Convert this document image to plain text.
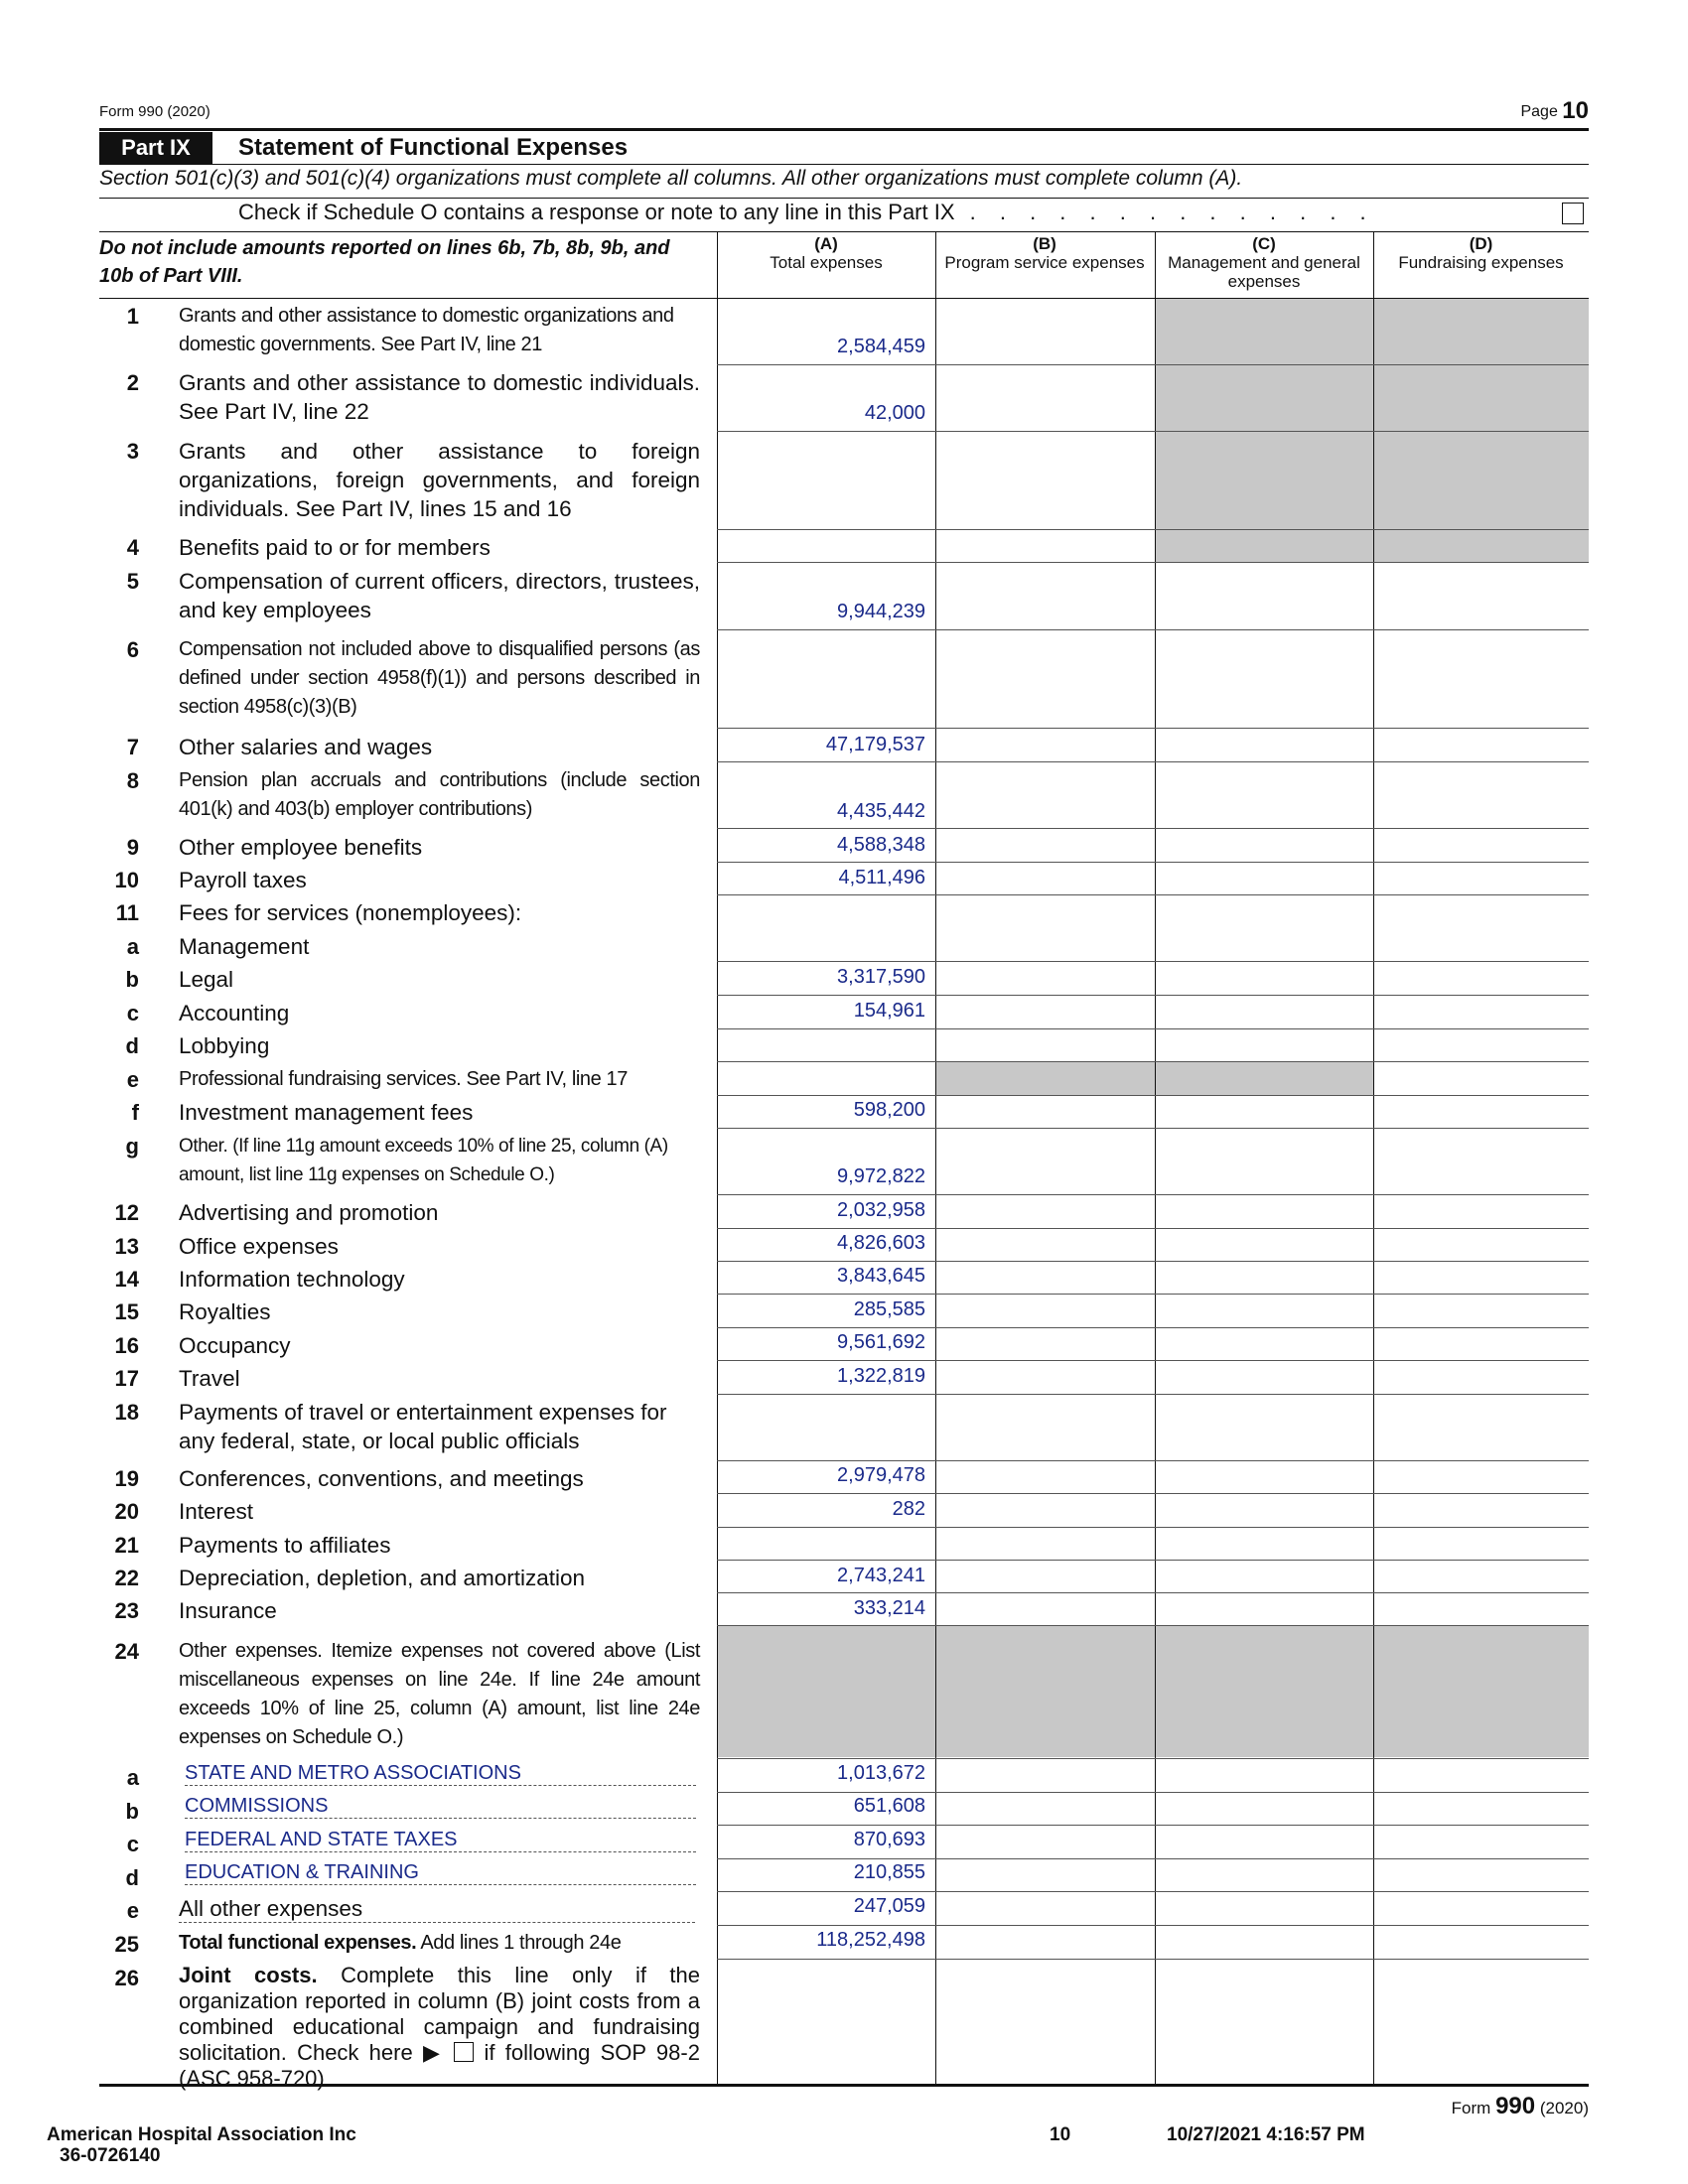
Form 990 (2020)	Page 10
Part IX	Statement of Functional Expenses
Section 501(c)(3) and 501(c)(4) organizations must complete all columns. All other organizations must complete column (A).
Check if Schedule O contains a response or note to any line in this Part IX . . . . . . . . . . . . . .
Do not include amounts reported on lines 6b, 7b, 8b, 9b, and 10b of Part VIII.
(A)
Total expenses
(B)
Program service expenses
(C)
Management and general expenses
(D)
Fundraising expenses
1 Grants and other assistance to domestic organizations and domestic governments. See Part IV, line 21	2,584,459
2 Grants and other assistance to domestic individuals. See Part IV, line 22	42,000
3 Grants and other assistance to foreign organizations, foreign governments, and foreign individuals. See Part IV, lines 15 and 16
4 Benefits paid to or for members
5 Compensation of current officers, directors, trustees, and key employees	9,944,239
6 Compensation not included above to disqualified persons (as defined under section 4958(f)(1)) and persons described in section 4958(c)(3)(B)
7 Other salaries and wages	47,179,537
8 Pension plan accruals and contributions (include section 401(k) and 403(b) employer contributions)	4,435,442
9 Other employee benefits	4,588,348
10 Payroll taxes	4,511,496
11 Fees for services (nonemployees):
a Management
b Legal	3,317,590
c Accounting	154,961
d Lobbying
e Professional fundraising services. See Part IV, line 17
f Investment management fees	598,200
g Other. (If line 11g amount exceeds 10% of line 25, column (A) amount, list line 11g expenses on Schedule O.)	9,972,822
12 Advertising and promotion	2,032,958
13 Office expenses	4,826,603
14 Information technology	3,843,645
15 Royalties	285,585
16 Occupancy	9,561,692
17 Travel	1,322,819
18 Payments of travel or entertainment expenses for any federal, state, or local public officials
19 Conferences, conventions, and meetings	2,979,478
20 Interest	282
21 Payments to affiliates
22 Depreciation, depletion, and amortization	2,743,241
23 Insurance	333,214
24 Other expenses. Itemize expenses not covered above (List miscellaneous expenses on line 24e. If line 24e amount exceeds 10% of line 25, column (A) amount, list line 24e expenses on Schedule O.)
a STATE AND METRO ASSOCIATIONS	1,013,672
b COMMISSIONS	651,608
c FEDERAL AND STATE TAXES	870,693
d EDUCATION & TRAINING	210,855
e All other expenses	247,059
25 Total functional expenses. Add lines 1 through 24e	118,252,498
26 Joint costs. Complete this line only if the organization reported in column (B) joint costs from a combined educational campaign and fundraising solicitation. Check here ▶ if following SOP 98-2 (ASC 958-720)
Form 990 (2020)
American Hospital Association Inc
36-0726140
10	10/27/2021 4:16:57 PM
